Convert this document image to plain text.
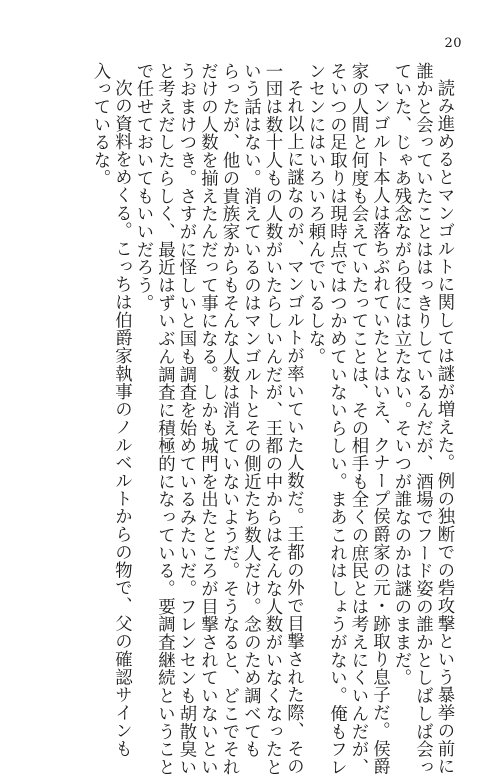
20
読み進めるとマンゴルトに関しては謎が増えた。例の独断での砦攻撃という暴挙の前に
誰かと会っていたことははっきりしているんだが、酒場でフード姿の誰かとしばしば会っ
ていた、じゃあ残念ながら役には立たない。そいつが誰なのかは謎のままだ。
マンゴルト本人は落ちぶれていたとはいえ、クナープ侯爵家の元・跡取り息子だ。侯爵
家の人間と何度も会えていたってことは、その相手も全くの庶民とは考えにくいんだが、
そいつの足取りは現時点ではつかめていないらしい。まあこれはしょうがない。俺もフレ
ンセンにはいろいろ頼んでいるしな。
それ以上に謎なのが、マンゴルトが率いていた人数だ。王都の外で目撃された際、その
一団は数十人もの人数がいたらしいんだが、王都の中からはそんな人数がいなくなったと
いう話はない。消えているのはマンゴルトとその側近たち数人だけ。念のため調べても
らったが、他の貴族家からもそんな人数は消えていないようだ。そうなると、どこでそれ
だけの人数を揃えたんだって事になる。しかも城門を出たところが目撃されていないとい
うおまけつき。さすがに怪しいと国も調査を始めているみたいだ。フレンセンも胡散臭い
と考えだしたらしく、最近はずいぶん調査に積極的になっている。要調査継続ということ
で任せておいてもいいだろう。
次の資料をめくる。こっちは伯爵家執事のノルベルトからの物で、父の確認サインも
入っているな。
